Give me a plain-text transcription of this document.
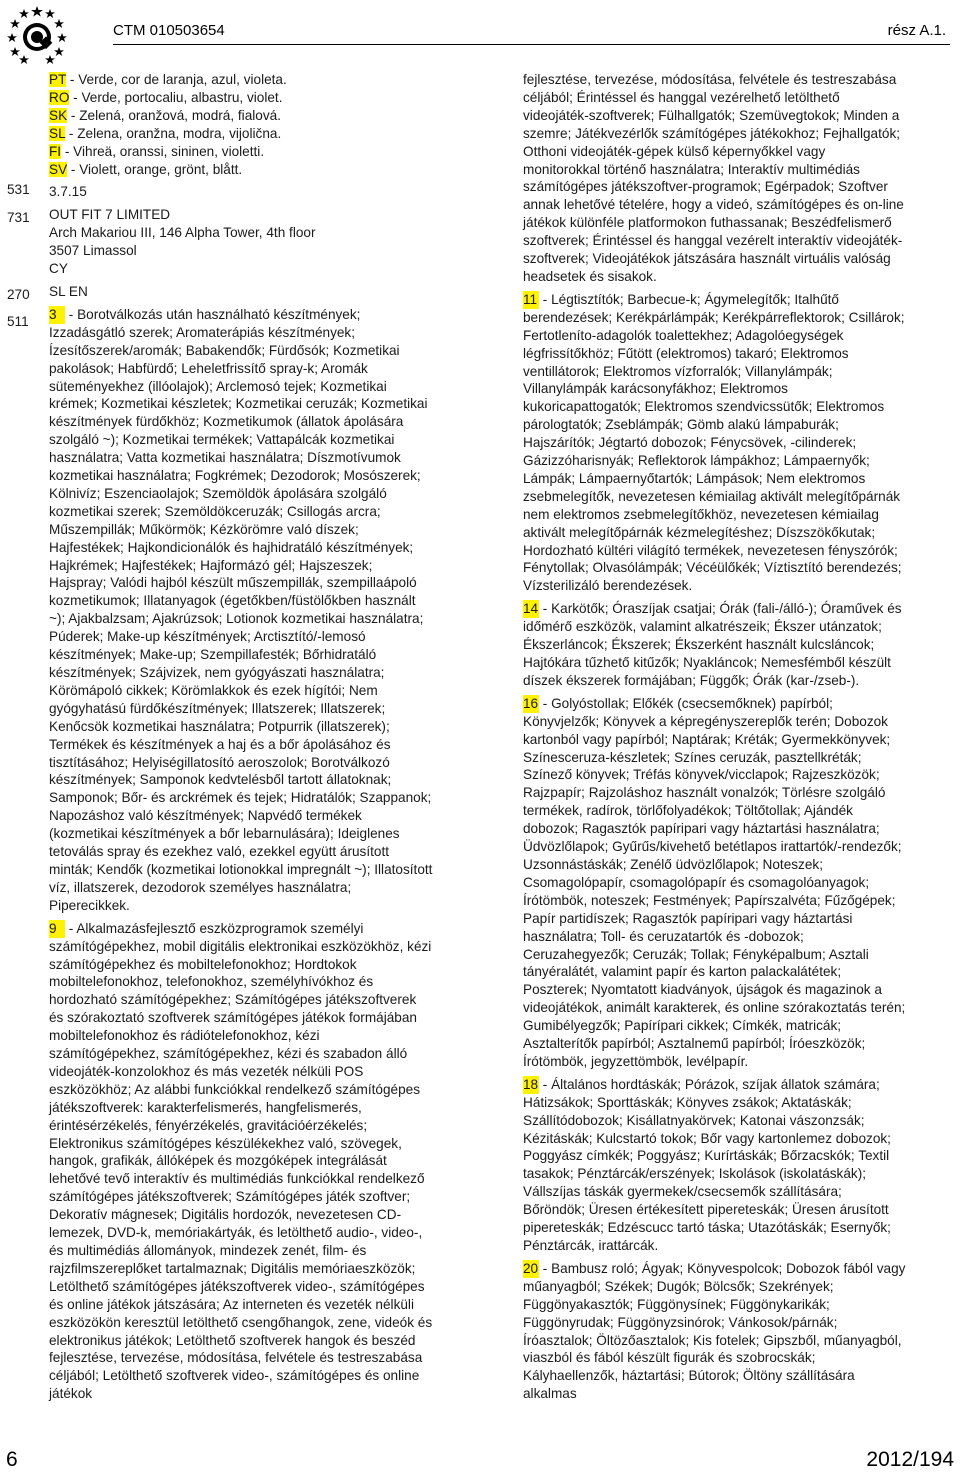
CTM 010503654	rész A.1.
531
731
270
511

PT - Verde, cor de laranja, azul, violeta.

RO - Verde, portocaliu, albastru, violet.

SK - Zelená, oranžová, modrá, fialová.

SL - Zelena, oranžna, modra, vijolična.

FI - Vihreä, oranssi, sininen, violetti.

SV - Violett, orange, grönt, blått.

3.7.15

OUT FIT 7 LIMITED

Arch Makariou III, 146 Alpha Tower, 4th floor

3507 Limassol

CY

SL EN

3 - Borotválkozás után használható készítmények; Izzadásgátló szerek; Aromaterápiás készítmények; Ízesítőszerek/aromák; Babakendők; Fürdősók; Kozmetikai pakolások; Habfürdő; Leheletfrissítő spray-k; Aromák süteményekhez (illóolajok); Arclemosó tejek; Kozmetikai krémek; Kozmetikai készletek; Kozmetikai ceruzák; Kozmetikai készítmények fürdőkhöz; Kozmetikumok (állatok ápolására szolgáló ~); Kozmetikai termékek; Vattapálcák kozmetikai használatra; Vatta kozmetikai használatra; Díszmotívumok kozmetikai használatra; Fogkrémek; Dezodorok; Mosószerek; Kölnivíz; Eszenciaolajok; Szemöldök ápolására szolgáló kozmetikai szerek; Szemöldökceruzák; Csillogás arcra; Műszempillák; Műkörmök; Kézkörömre való díszek; Hajfestékek; Hajkondicionálók és hajhidratáló készítmények; Hajkrémek; Hajfestékek; Hajformázó gél; Hajszeszek; Hajspray; Valódi hajból készült műszempillák, szempillaápoló kozmetikumok; Illatanyagok (égetőkben/füstölőkben használt ~); Ajakbalzsam; Ajakrúzsok; Lotionok kozmetikai használatra; Púderek; Make-up készítmények; Arctisztító/-lemosó készítmények; Make-up; Szempillafesték; Bőrhidratáló készítmények; Szájvizek, nem gyógyászati használatra; Körömápoló cikkek; Körömlakkok és ezek hígítói; Nem gyógyhatású fürdőkészítmények; Illatszerek; Illatszerek; Kenőcsök kozmetikai használatra; Potpurrik (illatszerek); Termékek és készítmények a haj és a bőr ápolásához és tisztításához; Helyiségillatosító aeroszolok; Borotválkozó készítmények; Samponok kedvtelésből tartott állatoknak; Samponok; Bőr- és arckrémek és tejek; Hidratálók; Szappanok; Napozáshoz való készítmények; Napvédő termékek (kozmetikai készítmények a bőr lebarnulására); Ideiglenes tetoválás spray és ezekhez való, ezekkel együtt árusított minták; Kendők (kozmetikai lotionokkal impregnált ~); Illatosított víz, illatszerek, dezodorok személyes használatra; Piperecikkek.

9 - Alkalmazásfejlesztő eszközprogramok személyi számítógépekhez, mobil digitális elektronikai eszközökhöz, kézi számítógépekhez és mobiltelefonokhoz; Hordtokok mobiltelefonokhoz, telefonokhoz, személyhívókhoz és hordozható számítógépekhez; Számítógépes játékszoftverek és szórakoztató szoftverek számítógépes játékok formájában mobiltelefonokhoz és rádiótelefonokhoz, kézi számítógépekhez, számítógépekhez, kézi és szabadon álló videojáték-konzolokhoz és más vezeték nélküli POS eszközökhöz; Az alábbi funkciókkal rendelkező számítógépes játékszoftverek: karakterfelismerés, hangfelismerés, érintésérzékelés, fényérzékelés, gravitációérzékelés; Elektronikus számítógépes készülékekhez való, szövegek, hangok, grafikák, állóképek és mozgóképek integrálását lehetővé tevő interaktív és multimédiás funkciókkal rendelkező számítógépes játékszoftverek; Számítógépes játék szoftver; Dekoratív mágnesek; Digitális hordozók, nevezetesen CD-lemezek, DVD-k, memóriakártyák, és letölthető audio-, video-, és multimédiás állományok, mindezek zenét, film- és rajzfilmszereplőket tartalmaznak; Digitális memóriaeszközök; Letölthető számítógépes játékszoftverek video-, számítógépes és online játékok játszására; Az interneten és vezeték nélküli eszközökön keresztül letölthető csengőhangok, zene, videók és elektronikus játékok; Letölthető szoftverek hangok és beszéd fejlesztése, tervezése, módosítása, felvétele és testreszabása céljából; Letölthető szoftverek video-, számítógépes és online játékok

fejlesztése, tervezése, módosítása, felvétele és testreszabása céljából; Érintéssel és hanggal vezérelhető letölthető videojáték-szoftverek; Fülhallgatók; Szemüvegtokok; Minden a szemre; Játékvezérlők számítógépes játékokhoz; Fejhallgatók; Otthoni videojáték-gépek külső képernyőkkel vagy monitorokkal történő használatra; Interaktív multimédiás számítógépes játékszoftver-programok; Egérpadok; Szoftver annak lehetővé tételére, hogy a videó, számítógépes és on-line játékok különféle platformokon futhassanak; Beszédfelismerő szoftverek; Érintéssel és hanggal vezérelt interaktív videojáték-szoftverek; Videojátékok játszására használt virtuális valóság headsetek és sisakok.

11 - Légtisztítók; Barbecue-k; Ágymelegítők; Italhűtő berendezések; Kerékpárlámpák; Kerékpárreflektorok; Csillárok; Fertotleníto-adagolók toalettekhez; Adagolóegységek légfrissítőkhöz; Fűtött (elektromos) takaró; Elektromos ventillátorok; Elektromos vízforralók; Villanylámpák; Villanylámpák karácsonyfákhoz; Elektromos kukoricapattogatók; Elektromos szendvicssütők; Elektromos párologtatók; Zseblámpák; Gömb alakú lámpaburák; Hajszárítók; Jégtartó dobozok; Fénycsövek, -cilinderek; Gázizzóharisnyák; Reflektorok lámpákhoz; Lámpaernyők; Lámpák; Lámpaernyőtartók; Lámpások; Nem elektromos zsebmelegítők, nevezetesen kémiailag aktivált melegítőpárnák nem elektromos zsebmelegítőkhöz, nevezetesen kémiailag aktivált melegítőpárnák kézmelegítéshez; Díszszökőkutak; Hordozható kültéri világító termékek, nevezetesen fényszórók; Fénytollak; Olvasólámpák; Vécéülőkék; Víztisztító berendezés; Vízsterilizáló berendezések.

14 - Karkötők; Óraszíjak csatjai; Órák (fali-/álló-); Óraművek és időmérő eszközök, valamint alkatrészeik; Ékszer utánzatok; Ékszerláncok; Ékszerek; Ékszerként használt kulcsláncok; Hajtókára tűzhető kitűzők; Nyakláncok; Nemesfémből készült díszek ékszerek formájában; Függők; Órák (kar-/zseb-).

16 - Golyóstollak; Előkék (csecsemőknek) papírból; Könyvjelzők; Könyvek a képregényszereplők terén; Dobozok kartonból vagy papírból; Naptárak; Kréták; Gyermekkönyvek; Színesceruza-készletek; Színes ceruzák, pasztellkréták; Színező könyvek; Tréfás könyvek/vicclapok; Rajzeszközök; Rajzpapír; Rajzoláshoz használt vonalzók; Törlésre szolgáló termékek, radírok, törlőfolyadékok; Töltőtollak; Ajándék dobozok; Ragasztók papíripari vagy háztartási használatra; Üdvözlőlapok; Gyűrűs/kivehető betétlapos irattartók/-rendezők; Uzsonnástáskák; Zenélő üdvözlőlapok; Noteszek; Csomagolópapír, csomagolópapír és csomagolóanyagok; Írótömbök, noteszek; Festmények; Papírszalvéta; Fűzőgépek; Papír partidíszek; Ragasztók papíripari vagy háztartási használatra; Toll- és ceruzatartók és -dobozok; Ceruzahegyezők; Ceruzák; Tollak; Fényképalbum; Asztali tányéralátét, valamint papír és karton palackalátétek; Poszterek; Nyomtatott kiadványok, újságok és magazinok a videojátékok, animált karakterek, és online szórakoztatás terén; Gumibélyegzők; Papírípari cikkek; Címkék, matricák; Asztalterítők papírból; Asztalnemű papírból; Íróeszközök; Írótömbök, jegyzettömbök, levélpapír.

18 - Általános hordtáskák; Pórázok, szíjak állatok számára; Hátizsákok; Sporttáskák; Könyves zsákok; Aktatáskák; Szállítódobozok; Kisállatnyakörvek; Katonai vászonzsák; Kézitáskák; Kulcstartó tokok; Bőr vagy kartonlemez dobozok; Poggyász címkék; Poggyász; Kurírtáskák; Bőrzacskók; Textil tasakok; Pénztárcák/erszények; Iskolások (iskolatáskák); Vállszíjas táskák gyermekek/csecsemők szállítására; Bőröndök; Üresen értékesített pipereteskák; Üresen árusított pipereteskák; Edzéscucc tartó táska; Utazótáskák; Esernyők; Pénztárcák, irattárcák.

20 - Bambusz roló; Ágyak; Könyvespolcok; Dobozok fából vagy műanyagból; Székek; Dugók; Bölcsők; Szekrények; Függönyakasztók; Függönysínek; Függönykarikák; Függönyrudak; Függönyzsinórok; Vánkosok/párnák; Íróasztalok; Öltözőasztalok; Kis fotelek; Gipszből, műanyagból, viaszból és fából készült figurák és szobrocskák; Kályhaellenzők, háztartási; Bútorok; Öltöny szállítására alkalmas

6	2012/194
